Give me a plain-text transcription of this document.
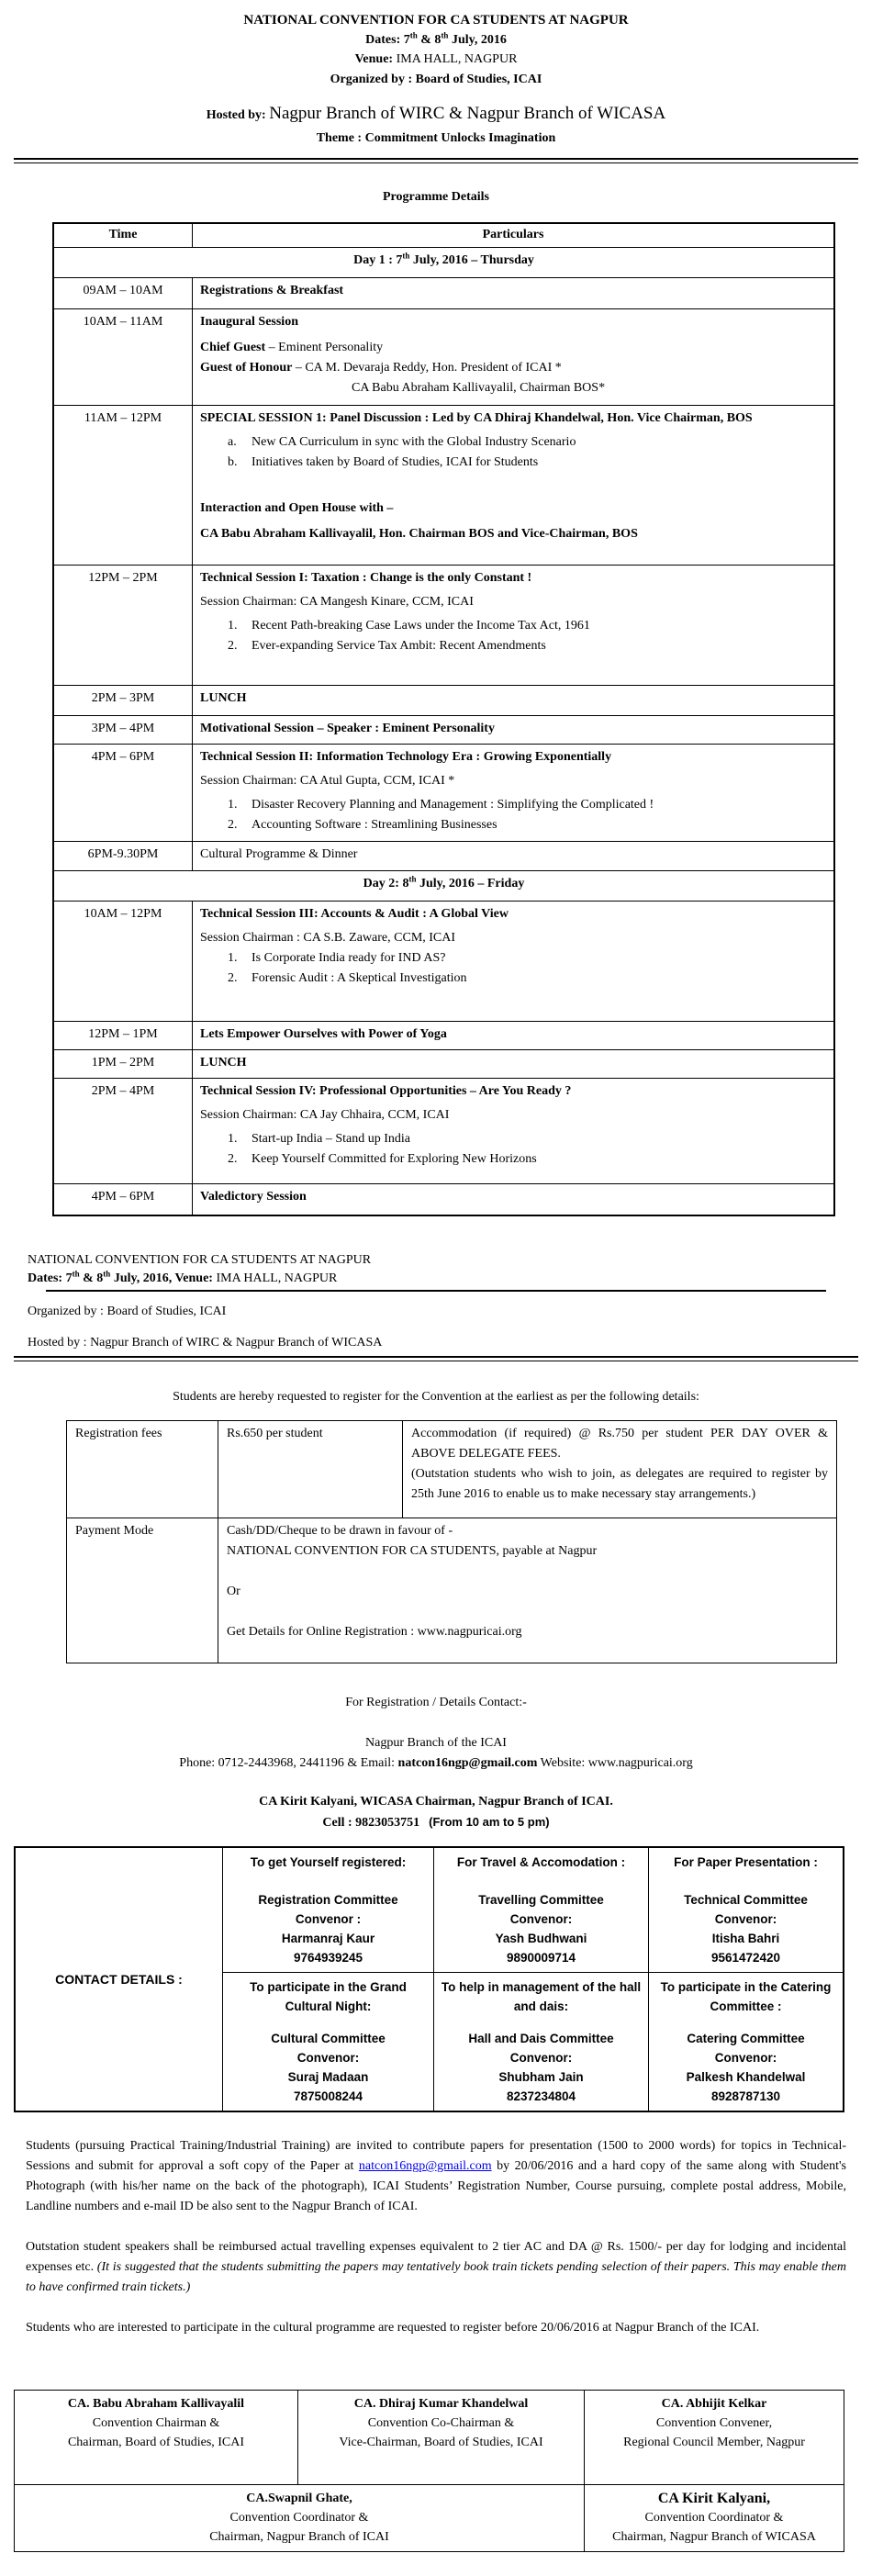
NATIONAL CONVENTION FOR CA STUDENTS AT NAGPUR
Dates: 7th & 8th July, 2016
Venue: IMA HALL, NAGPUR
Organized by : Board of Studies, ICAI
Hosted by: Nagpur Branch of WIRC & Nagpur Branch of WICASA
Theme : Commitment Unlocks Imagination
Programme Details
Time	Particulars
Day 1 : 7th July, 2016 – Thursday	
09AM – 10AM	Registrations & Breakfast

10AM – 11AM	Inaugural Session
Chief Guest – Eminent Personality
Guest of Honour – CA M. Devaraja Reddy, Hon. President of ICAI *
CA Babu Abraham Kallivayalil, Chairman BOS*

11AM – 12PM	SPECIAL SESSION 1: Panel Discussion : Led by CA Dhiraj Khandelwal, Hon. Vice Chairman, BOS
a. New CA Curriculum in sync with the Global Industry Scenario
b. Initiatives taken by Board of Studies, ICAI for Students
Interaction and Open House with –
CA Babu Abraham Kallivayalil, Hon. Chairman BOS and Vice-Chairman, BOS

12PM – 2PM	Technical Session I: Taxation : Change is the only Constant !
Session Chairman: CA Mangesh Kinare, CCM, ICAI
1. Recent Path-breaking Case Laws under the Income Tax Act, 1961
2. Ever-expanding Service Tax Ambit: Recent Amendments

2PM – 3PM	LUNCH

3PM – 4PM	Motivational Session – Speaker : Eminent Personality

4PM – 6PM	Technical Session II: Information Technology Era : Growing Exponentially
Session Chairman: CA Atul Gupta, CCM, ICAI *
1. Disaster Recovery Planning and Management : Simplifying the Complicated !
2. Accounting Software : Streamlining Businesses

6PM-9.30PM	Cultural Programme & Dinner

Day 2: 8th July, 2016 – Friday	
10AM – 12PM	Technical Session III: Accounts & Audit : A Global View
Session Chairman : CA S.B. Zaware, CCM, ICAI
1. Is Corporate India ready for IND AS?
2. Forensic Audit : A Skeptical Investigation

12PM – 1PM	Lets Empower Ourselves with Power of Yoga

1PM – 2PM	LUNCH

2PM – 4PM	Technical Session IV: Professional Opportunities – Are You Ready ?
Session Chairman: CA Jay Chhaira, CCM, ICAI
1. Start-up India – Stand up India
2. Keep Yourself Committed for Exploring New Horizons

4PM – 6PM	Valedictory Session
NATIONAL CONVENTION FOR CA STUDENTS AT NAGPUR
Dates: 7th & 8th July, 2016, Venue: IMA HALL, NAGPUR
Organized by : Board of Studies, ICAI
Hosted by : Nagpur Branch of WIRC & Nagpur Branch of WICASA
Students are hereby requested to register for the Convention at the earliest as per the following details:
Registration fees	Rs.650 per student	Accommodation (if required) @ Rs.750 per student PER DAY OVER & ABOVE DELEGATE FEES.
(Outstation students who wish to join, as delegates are required to register by 25th June 2016 to enable us to make necessary stay arrangements.)

Payment Mode	Cash/DD/Cheque to be drawn in favour of -
NATIONAL CONVENTION FOR CA STUDENTS, payable at Nagpur
Or
Get Details for Online Registration : www.nagpuricai.org	
For Registration / Details Contact:-
Nagpur Branch of the ICAI
Phone: 0712-2443968, 2441196 & Email: natcon16ngp@gmail.com Website: www.nagpuricai.org
CA Kirit Kalyani, WICASA Chairman, Nagpur Branch of ICAI.
Cell : 9823053751 (From 10 am to 5 pm)
CONTACT DETAILS :	
To get Yourself registered:
Registration Committee
Convenor :
Harmanraj Kaur
9764939245

For Travel & Accomodation :
Travelling Committee
Convenor:
Yash Budhwani
9890009714

For Paper Presentation :
Technical Committee
Convenor:
Itisha Bahri
9561472420

To participate in the Grand Cultural Night:
Cultural Committee
Convenor:
Suraj Madaan
7875008244

To help in management of the hall and dais:
Hall and Dais Committee
Convenor:
Shubham Jain
8237234804

To participate in the Catering Committee :
Catering Committee
Convenor:
Palkesh Khandelwal
8928787130

Students (pursuing Practical Training/Industrial Training) are invited to contribute papers for presentation (1500 to 2000 words) for topics in Technical-Sessions and submit for approval a soft copy of the Paper at natcon16ngp@gmail.com by 20/06/2016 and a hard copy of the same along with Student's Photograph (with his/her name on the back of the photograph), ICAI Students’ Registration Number, Course pursuing, complete postal address, Mobile, Landline numbers and e-mail ID be also sent to the Nagpur Branch of ICAI.

Outstation student speakers shall be reimbursed actual travelling expenses equivalent to 2 tier AC and DA @ Rs. 1500/- per day for lodging and incidental expenses etc. (It is suggested that the students submitting the papers may tentatively book train tickets pending selection of their papers. This may enable them to have confirmed train tickets.)

Students who are interested to participate in the cultural programme are requested to register before 20/06/2016 at Nagpur Branch of the ICAI.

CA. Babu Abraham Kallivayalil
Convention Chairman &
Chairman, Board of Studies, ICAI

CA. Dhiraj Kumar Khandelwal
Convention Co-Chairman &
Vice-Chairman, Board of Studies, ICAI

CA. Abhijit Kelkar
Convention Convener,
Regional Council Member, Nagpur

CA.Swapnil Ghate,
Convention Coordinator &
Chairman, Nagpur Branch of ICAI

CA Kirit Kalyani,
Convention Coordinator &
Chairman, Nagpur Branch of WICASA
